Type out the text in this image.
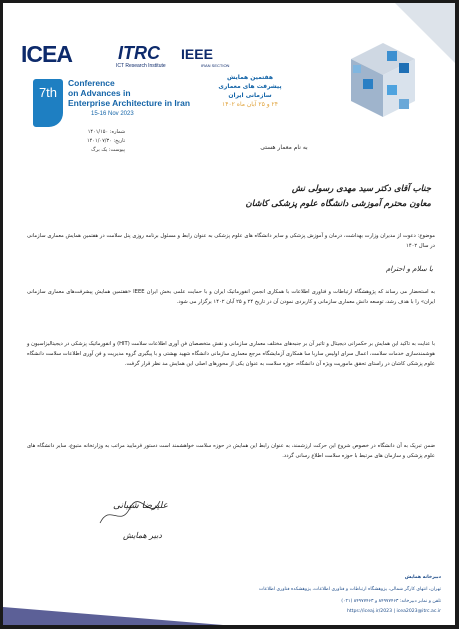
ICEA	ITRC
ICT Research Institute
IEEE
IRAN SECTION
7th
Conference
on Advances in
Enterprise Architecture in Iran
15-16 Nov 2023
هفتمین همایش
پیشرفت های معماری
سازمانی ایران
۲۴ و ۲۵ آبان ماه ۱۴۰۲
شماره: ۱۴۰۱/۱۵۰
تاریخ: ۱۴۰۱/۰۷/۳۰
پیوست: یک برگ	به نام معمار هستی
جناب آقای دکتر سید مهدی رسولی نش
معاون محترم آموزشی دانشگاه علوم پزشکی کاشان
موضوع: دعوت از مدیران وزارت بهداشت، درمان و آموزش پزشکی و سایر دانشگاه های علوم پزشکی به عنوان رابط و مسئول برنامه روزی پنل سلامت در هفتمین همایش معماری سازمانی در سال ۱۴۰۲
با سلام و احترام
به استحضار می رساند که پژوهشگاه ارتباطات و فناوری اطلاعات با همکاری انجمن انفورماتیک ایران و با حمایت علمی بخش ایران IEEE «هفتمین همایش پیشرفت‌های معماری سازمانی ایران» را با هدف رشد، توسعه دانش معماری سازمانی و کاربردی نمودن آن در تاریخ ۲۴ و ۲۵ آبان ۱۴۰۲ برگزار می شود.
با عنایت به تاکید این همایش بر حکمرانی دیجیتال و تاثیر آن بر جنبه‌های مختلف معماری سازمانی و نقش متخصصان فن آوری اطلاعات سلامت (HIT) و انفورماتیک پزشکی در دیجیتالیزاسیون و هوشمندسازی خدمات سلامت، اعمال سرای اولیس ساربا سا همکاری آزمایشگاه مرجع معماری سازمانی دانشگاه شهید بهشتی و با پیگیری گروه مدیریت و فن آوری اطلاعات سلامت دانشگاه علوم پزشکی کاشان در راستای تحقق ماموریت ویژه آن دانشگاه، حوزه سلامت به عنوان یکی از محورهای اصلی این همایش مد نظر قرار گرفت.
ضمن تبریک به آن دانشگاه در خصوص شروع این حرکت ارزشمند، به عنوان رابط این همایش در حوزه سلامت خواهشمند است دستور فرمایید مراتب به وزارتخانه متبوع، سایر دانشگاه های علوم پزشکی و سازمان های مرتبط با حوزه سلامت اطلاع رسانی گردد.
علیرضا شیبانی
دبیر همایش
دبیرخانه همایش
تهران، انتهای کارگر شمالی، پژوهشگاه ارتباطات و فناوری اطلاعات، پژوهشکده فناوری اطلاعات
تلفن و نمابر دبیرخانه: ۸۴۹۷۷۴۶۳ و ۸۴۹۷۷۴۶۳ (۰۲۱)
https://iceaj.ir/2023 | icea2023@itrc.ac.ir
